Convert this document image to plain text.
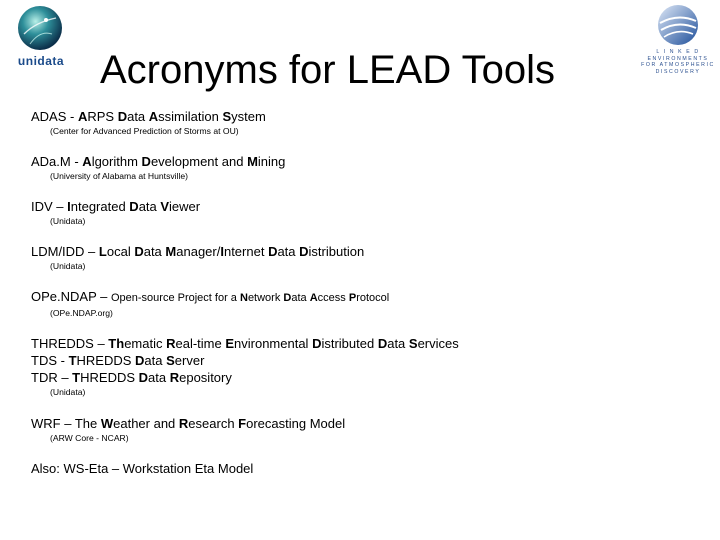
unidata
L I N K E D
ENVIRONMENTS
FOR ATMOSPHERIC
DISCOVERY
Acronyms for LEAD Tools
ADAS - ARPS Data Assimilation System
(Center for Advanced Prediction of Storms at OU)
ADa.M - Algorithm Development and Mining
(University of Alabama at Huntsville)
IDV – Integrated Data Viewer
(Unidata)
LDM/IDD – Local Data Manager/Internet Data Distribution
(Unidata)
OPe.NDAP – Open-source Project for a Network Data Access Protocol
(OPe.NDAP.org)
THREDDS – Thematic Real-time Environmental Distributed Data Services
TDS - THREDDS Data Server
TDR – THREDDS Data Repository
(Unidata)
WRF – The Weather and Research Forecasting Model
(ARW Core - NCAR)
Also: WS-Eta – Workstation Eta Model
